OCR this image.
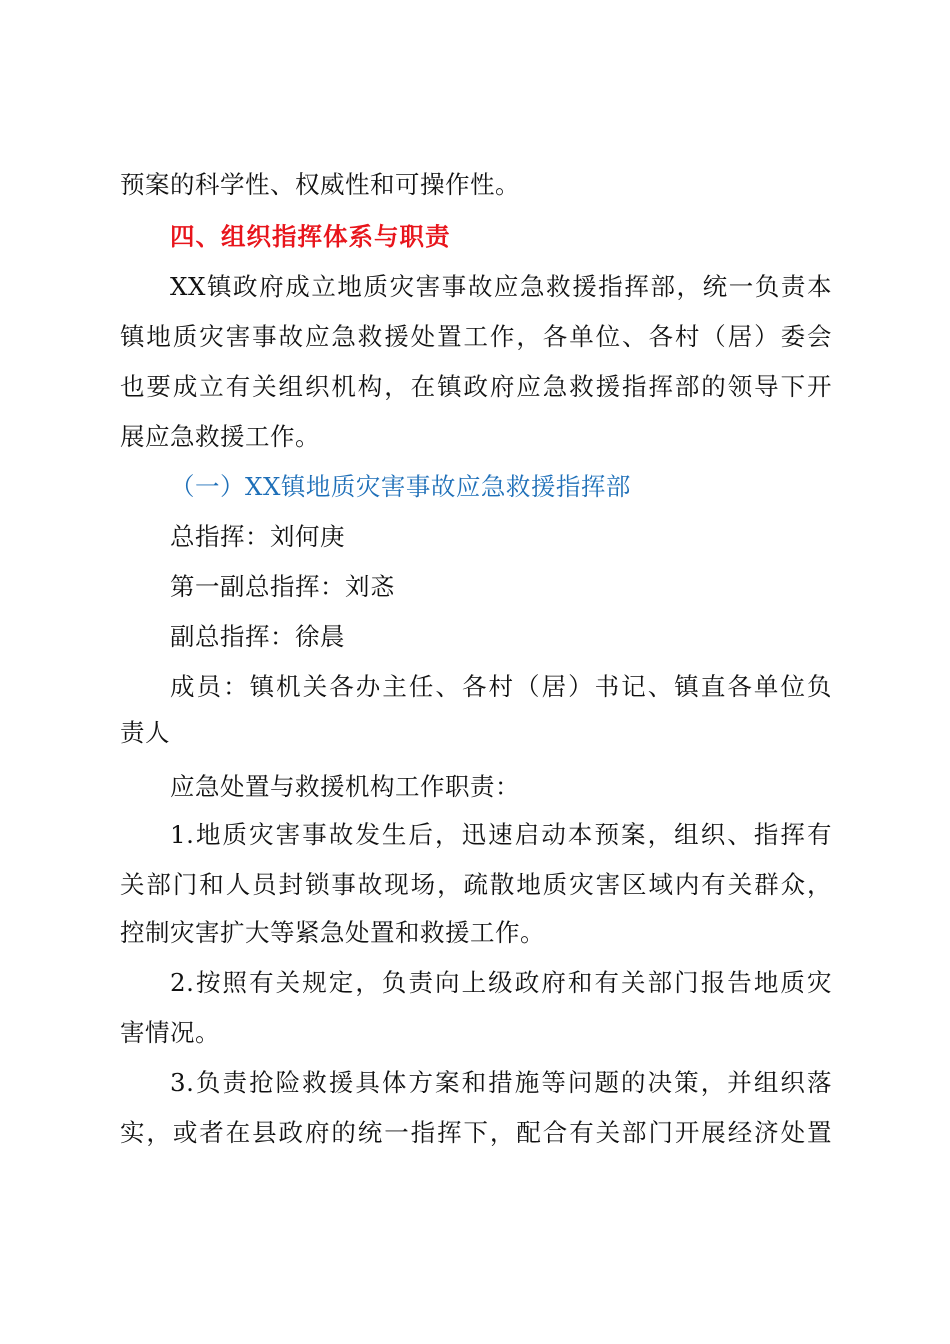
预案的科学性、权威性和可操作性。
四、组织指挥体系与职责
XX镇政府成立地质灾害事故应急救援指挥部，统一负责本
镇地质灾害事故应急救援处置工作，各单位、各村（居）委会
也要成立有关组织机构，在镇政府应急救援指挥部的领导下开
展应急救援工作。
（一）XX镇地质灾害事故应急救援指挥部
总指挥：刘何庚
第一副总指挥：刘忞
副总指挥：徐晨
成员：镇机关各办主任、各村（居）书记、镇直各单位负
责人
应急处置与救援机构工作职责：
1.地质灾害事故发生后，迅速启动本预案，组织、指挥有
关部门和人员封锁事故现场，疏散地质灾害区域内有关群众，
控制灾害扩大等紧急处置和救援工作。
2.按照有关规定，负责向上级政府和有关部门报告地质灾
害情况。
3.负责抢险救援具体方案和措施等问题的决策，并组织落
实，或者在县政府的统一指挥下，配合有关部门开展经济处置
